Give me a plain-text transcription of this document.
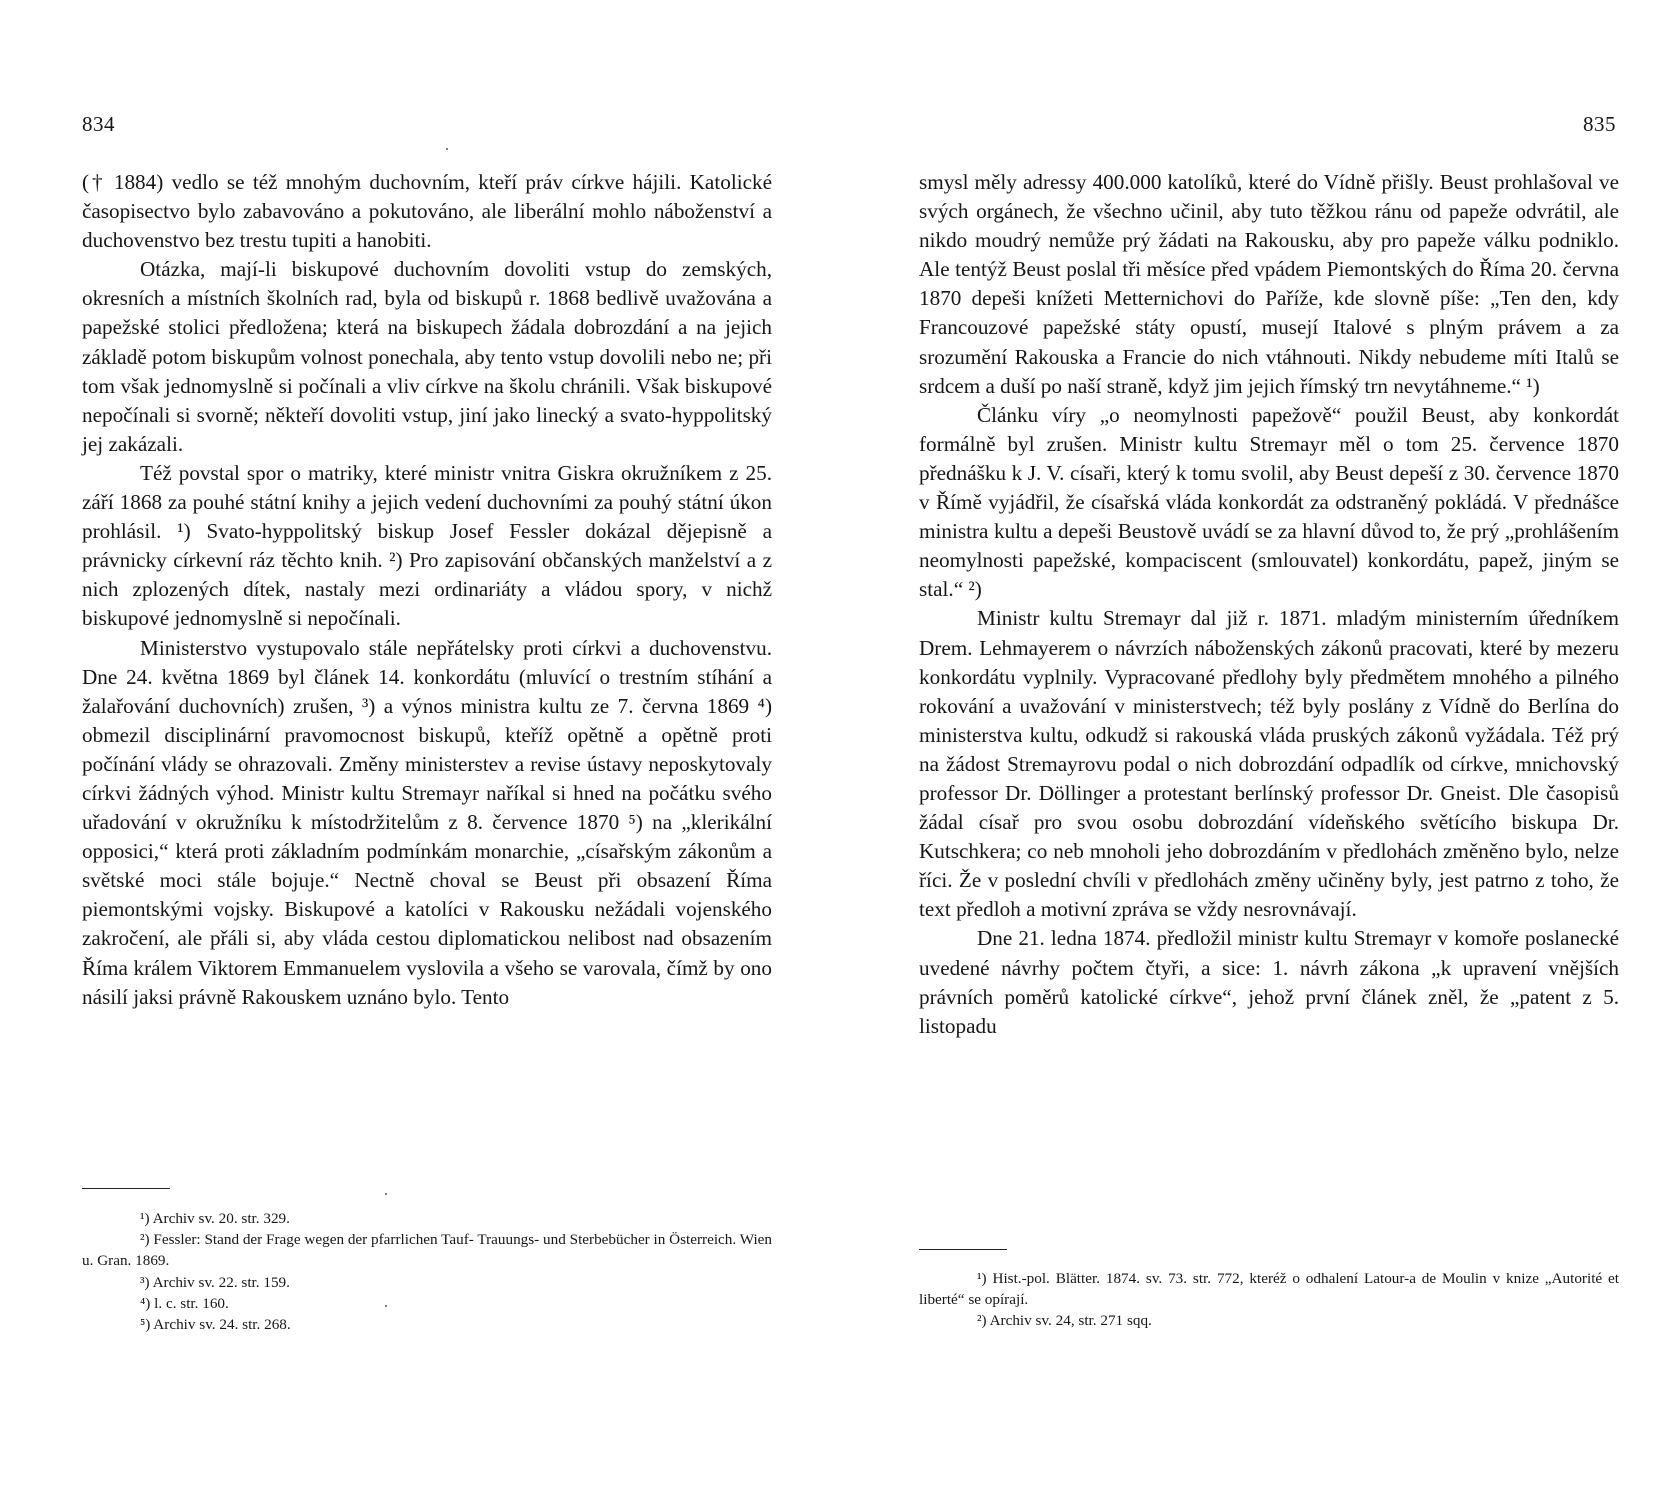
834

(† 1884) vedlo se též mnohým duchovním, kteří práv církve hájili. Katolické časopisectvo bylo zabavováno a pokutováno, ale liberální mohlo náboženství a duchovenstvo bez trestu tupiti a hanobiti.

Otázka, mají-li biskupové duchovním dovoliti vstup do zemských, okresních a místních školních rad, byla od biskupů r. 1868 bedlivě uvažována a papežské stolici předložena; která na biskupech žádala dobrozdání a na jejich základě potom biskupům volnost ponechala, aby tento vstup dovolili nebo ne; při tom však jednomyslně si počínali a vliv církve na školu chránili. Však biskupové nepočínali si svorně; někteří dovoliti vstup, jiní jako linecký a svato-hyppolitský jej zakázali.

Též povstal spor o matriky, které ministr vnitra Giskra okružníkem z 25. září 1868 za pouhé státní knihy a jejich vedení duchovními za pouhý státní úkon prohlásil. ¹) Svato-hyppolitský biskup Josef Fessler dokázal dějepisně a právnicky církevní ráz těchto knih. ²) Pro zapisování občanských manželství a z nich zplozených dítek, nastaly mezi ordinariáty a vládou spory, v nichž biskupové jednomyslně si nepočínali.

Ministerstvo vystupovalo stále nepřátelsky proti církvi a duchovenstvu. Dne 24. května 1869 byl článek 14. konkordátu (mluvící o trestním stíhání a žalařování duchovních) zrušen, ³) a výnos ministra kultu ze 7. června 1869 ⁴) obmezil disciplinární pravomocnost biskupů, kteříž opětně a opětně proti počínání vlády se ohrazovali. Změny ministerstev a revise ústavy neposkytovaly církvi žádných výhod. Ministr kultu Stremayr naříkal si hned na počátku svého uřadování v okružníku k místodržitelům z 8. července 1870 ⁵) na „klerikální opposici,“ která proti základním podmínkám monarchie, „císařským zákonům a světské moci stále bojuje.“ Nectně choval se Beust při obsazení Říma piemontskými vojsky. Biskupové a katolíci v Rakousku nežádali vojenského zakročení, ale přáli si, aby vláda cestou diplomatickou nelibost nad obsazením Říma králem Viktorem Emmanuelem vyslovila a všeho se varovala, čímž by ono násilí jaksi právně Rakouskem uznáno bylo. Tento

¹) Archiv sv. 20. str. 329.

²) Fessler: Stand der Frage wegen der pfarrlichen Tauf- Trauungs- und Sterbebücher in Österreich. Wien u. Gran. 1869.

³) Archiv sv. 22. str. 159.

⁴) l. c. str. 160.

⁵) Archiv sv. 24. str. 268.

835

smysl měly adressy 400.000 katolíků, které do Vídně přišly. Beust prohlašoval ve svých orgánech, že všechno učinil, aby tuto těžkou ránu od papeže odvrátil, ale nikdo moudrý nemůže prý žádati na Rakousku, aby pro papeže válku podniklo. Ale tentýž Beust poslal tři měsíce před vpádem Piemontských do Říma 20. června 1870 depeši knížeti Metternichovi do Paříže, kde slovně píše: „Ten den, kdy Francouzové papežské státy opustí, musejí Italové s plným právem a za srozumění Rakouska a Francie do nich vtáhnouti. Nikdy nebudeme míti Italů se srdcem a duší po naší straně, když jim jejich římský trn nevytáhneme.“ ¹)

Článku víry „o neomylnosti papežově“ použil Beust, aby konkordát formálně byl zrušen. Ministr kultu Stremayr měl o tom 25. července 1870 přednášku k J. V. císaři, který k tomu svolil, aby Beust depeší z 30. července 1870 v Římě vyjádřil, že císařská vláda konkordát za odstraněný pokládá. V přednášce ministra kultu a depeši Beustově uvádí se za hlavní důvod to, že prý „prohlášením neomylnosti papežské, kompaciscent (smlouvatel) konkordátu, papež, jiným se stal.“ ²)

Ministr kultu Stremayr dal již r. 1871. mladým ministerním úředníkem Drem. Lehmayerem o návrzích náboženských zákonů pracovati, které by mezeru konkordátu vyplnily. Vypracované předlohy byly předmětem mnohého a pilného rokování a uvažování v ministerstvech; též byly poslány z Vídně do Berlína do ministerstva kultu, odkudž si rakouská vláda pruských zákonů vyžádala. Též prý na žádost Stremayrovu podal o nich dobrozdání odpadlík od církve, mnichovský professor Dr. Döllinger a protestant berlínský professor Dr. Gneist. Dle časopisů žádal císař pro svou osobu dobrozdání vídeňského světícího biskupa Dr. Kutschkera; co neb mnoholi jeho dobrozdáním v předlohách změněno bylo, nelze říci. Že v poslední chvíli v předlohách změny učiněny byly, jest patrno z toho, že text předloh a motivní zpráva se vždy nesrovnávají.

Dne 21. ledna 1874. předložil ministr kultu Stremayr v komoře poslanecké uvedené návrhy počtem čtyři, a sice: 1. návrh zákona „k upravení vnějších právních poměrů katolické církve“, jehož první článek zněl, že „patent z 5. listopadu

¹) Hist.-pol. Blätter. 1874. sv. 73. str. 772, kteréž o odhalení Latour-a de Moulin v knize „Autorité et liberté“ se opírají.

²) Archiv sv. 24, str. 271 sqq.
